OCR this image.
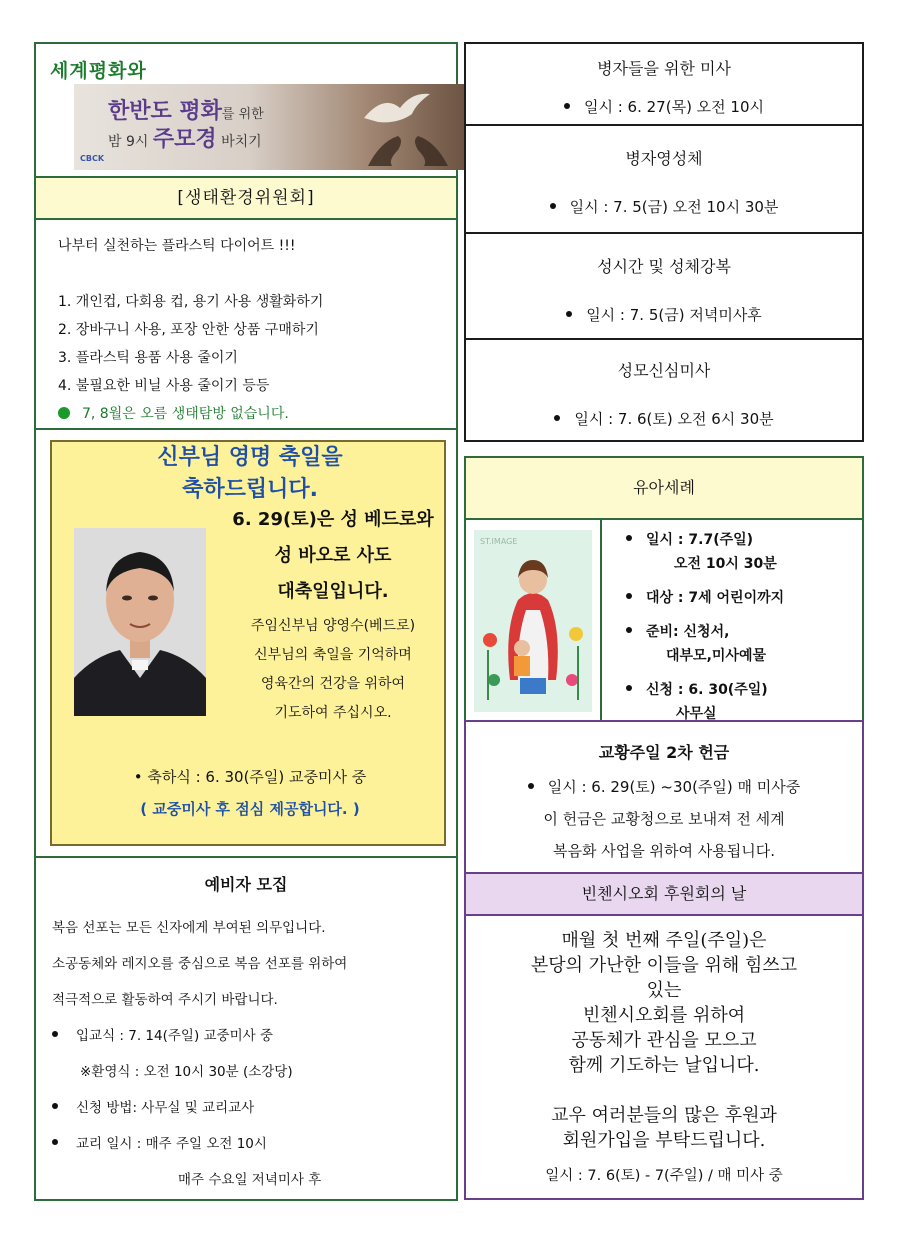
세계평화와
한반도 평화를 위한
밤 9시 주모경 바치기
CBCK
[생태환경위원회]

나부터 실천하는 플라스틱 다이어트 !!!

1. 개인컵, 다회용 컵, 용기 사용 생활화하기

2. 장바구니 사용, 포장 안한 상품 구매하기

3. 플라스틱 용품 사용 줄이기

4. 불필요한 비닐 사용 줄이기 등등

7, 8월은 오름 생태탐방 없습니다.

신부님 영명 축일을
축하드립니다.
6. 29(토)은 성 베드로와
성 바오로 사도
대축일입니다.
주임신부님 양영수(베드로)
신부님의 축일을 기억하며
영육간의 건강을 위하여
기도하여 주십시오.
• 축하식 : 6. 30(주일) 교중미사 중
( 교중미사 후 점심 제공합니다. )
예비자 모집

복음 선포는 모든 신자에게 부여된 의무입니다.

소공동체와 레지오를 중심으로 복음 선포를 위하여

적극적으로 활동하여 주시기 바랍니다.

입교식 : 7. 14(주일) 교중미사 중

※환영식 : 오전 10시 30분 (소강당)

신청 방법: 사무실 및 교리교사

교리 일시 : 매주 주일 오전 10시

매주 수요일 저녁미사 후

병자들을 위한 미사
일시 : 6. 27(목) 오전 10시
병자영성체
일시 : 7. 5(금) 오전 10시 30분
성시간 및 성체강복
일시 : 7. 5(금) 저녁미사후
성모신심미사
일시 : 7. 6(토) 오전 6시 30분
유아세례
ST.IMAGE	일시 : 7.7(주일)
오전 10시 30분
대상 : 7세 어린이까지
준비: 신청서,
대부모,미사예물
신청 : 6. 30(주일)
사무실
교황주일 2차 헌금
일시 : 6. 29(토) ~30(주일) 매 미사중
이 헌금은 교황청으로 보내져 전 세계
복음화 사업을 위하여 사용됩니다.
빈첸시오회 후원회의 날
매월 첫 번째 주일(주일)은
본당의 가난한 이들을 위해 힘쓰고
있는
빈첸시오회를 위하여
공동체가 관심을 모으고
함께 기도하는 날입니다.
교우 여러분들의 많은 후원과
회원가입을 부탁드립니다.
일시 : 7. 6(토) - 7(주일) / 매 미사 중
